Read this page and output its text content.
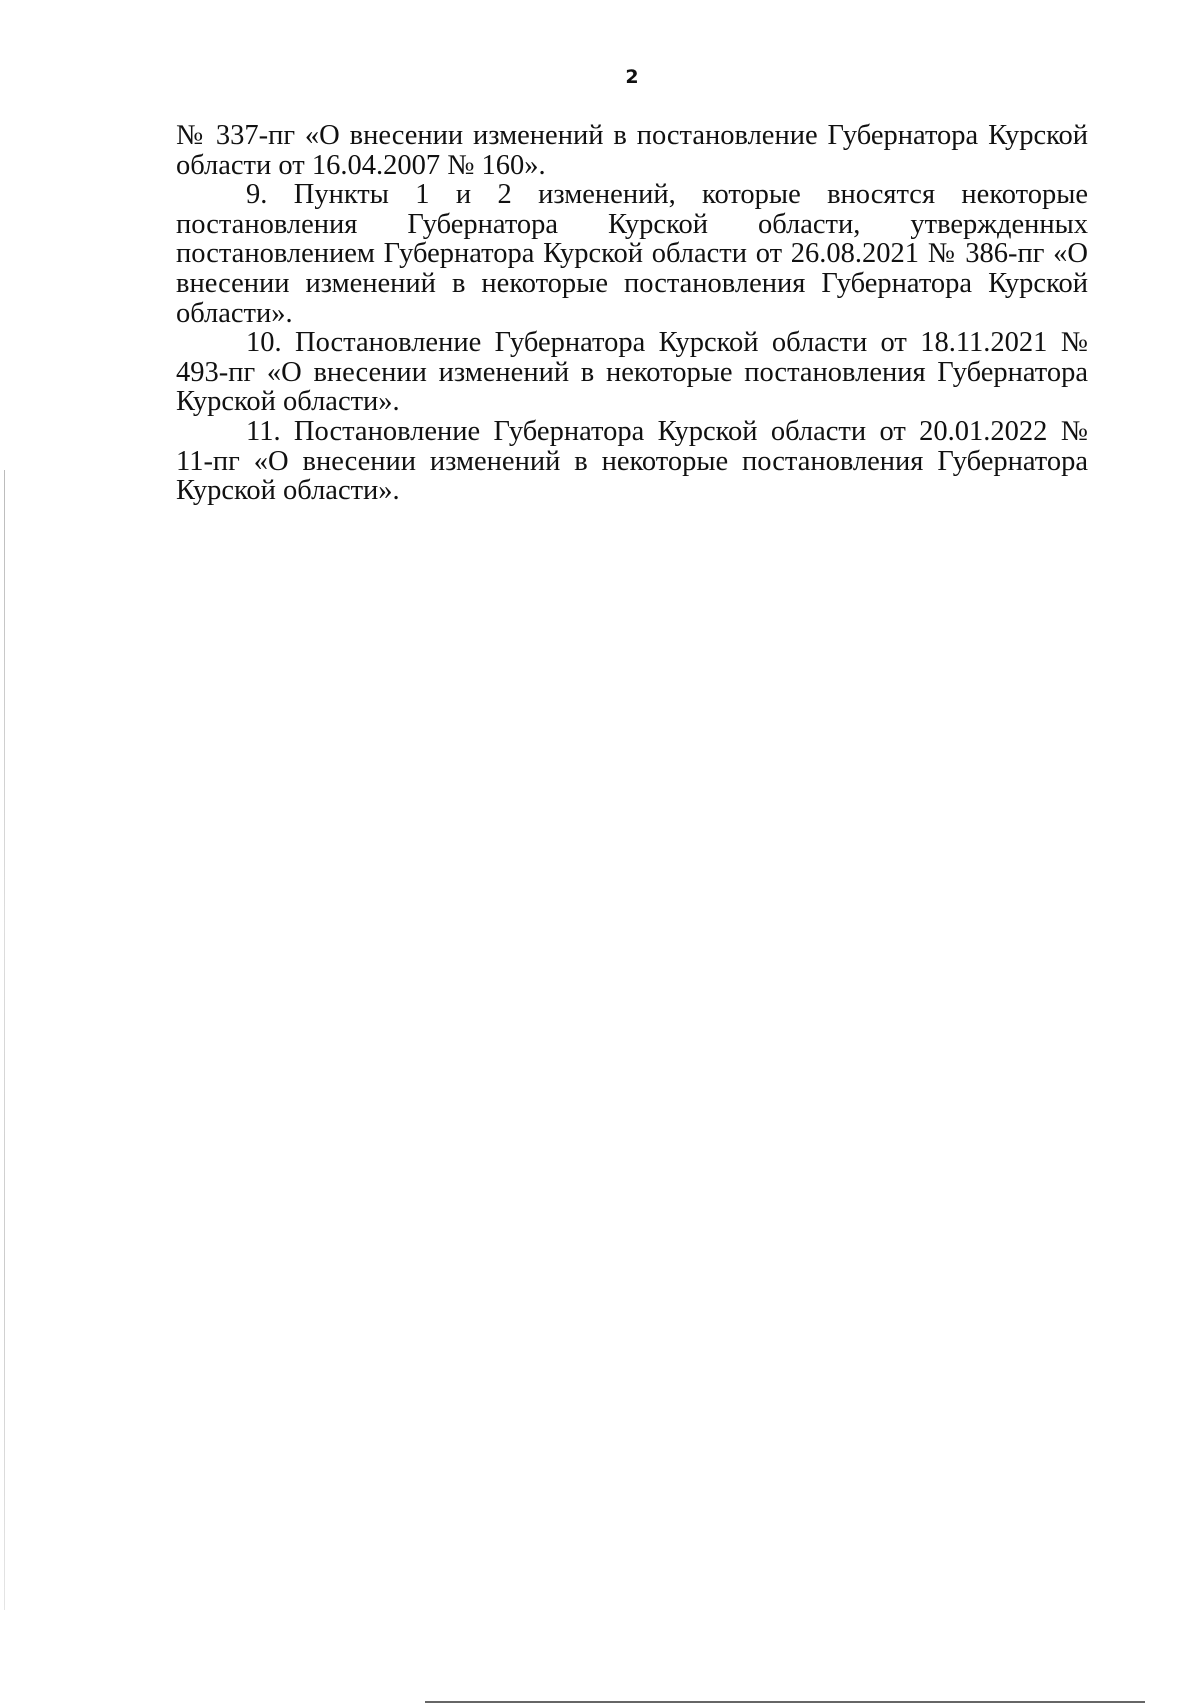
2

№ 337-пг «О внесении изменений в постановление Губернатора Курской области от 16.04.2007 № 160».

9. Пункты 1 и 2 изменений, которые вносятся некоторые постановления Губернатора Курской области, утвержденных постановлением Губернатора Курской области от 26.08.2021 № 386-пг «О внесении изменений в некоторые постановления Губернатора Курской области».

10. Постановление Губернатора Курской области от 18.11.2021 № 493-пг «О внесении изменений в некоторые постановления Губернатора Курской области».

11. Постановление Губернатора Курской области от 20.01.2022 № 11-пг «О внесении изменений в некоторые постановления Губернатора Курской области».
